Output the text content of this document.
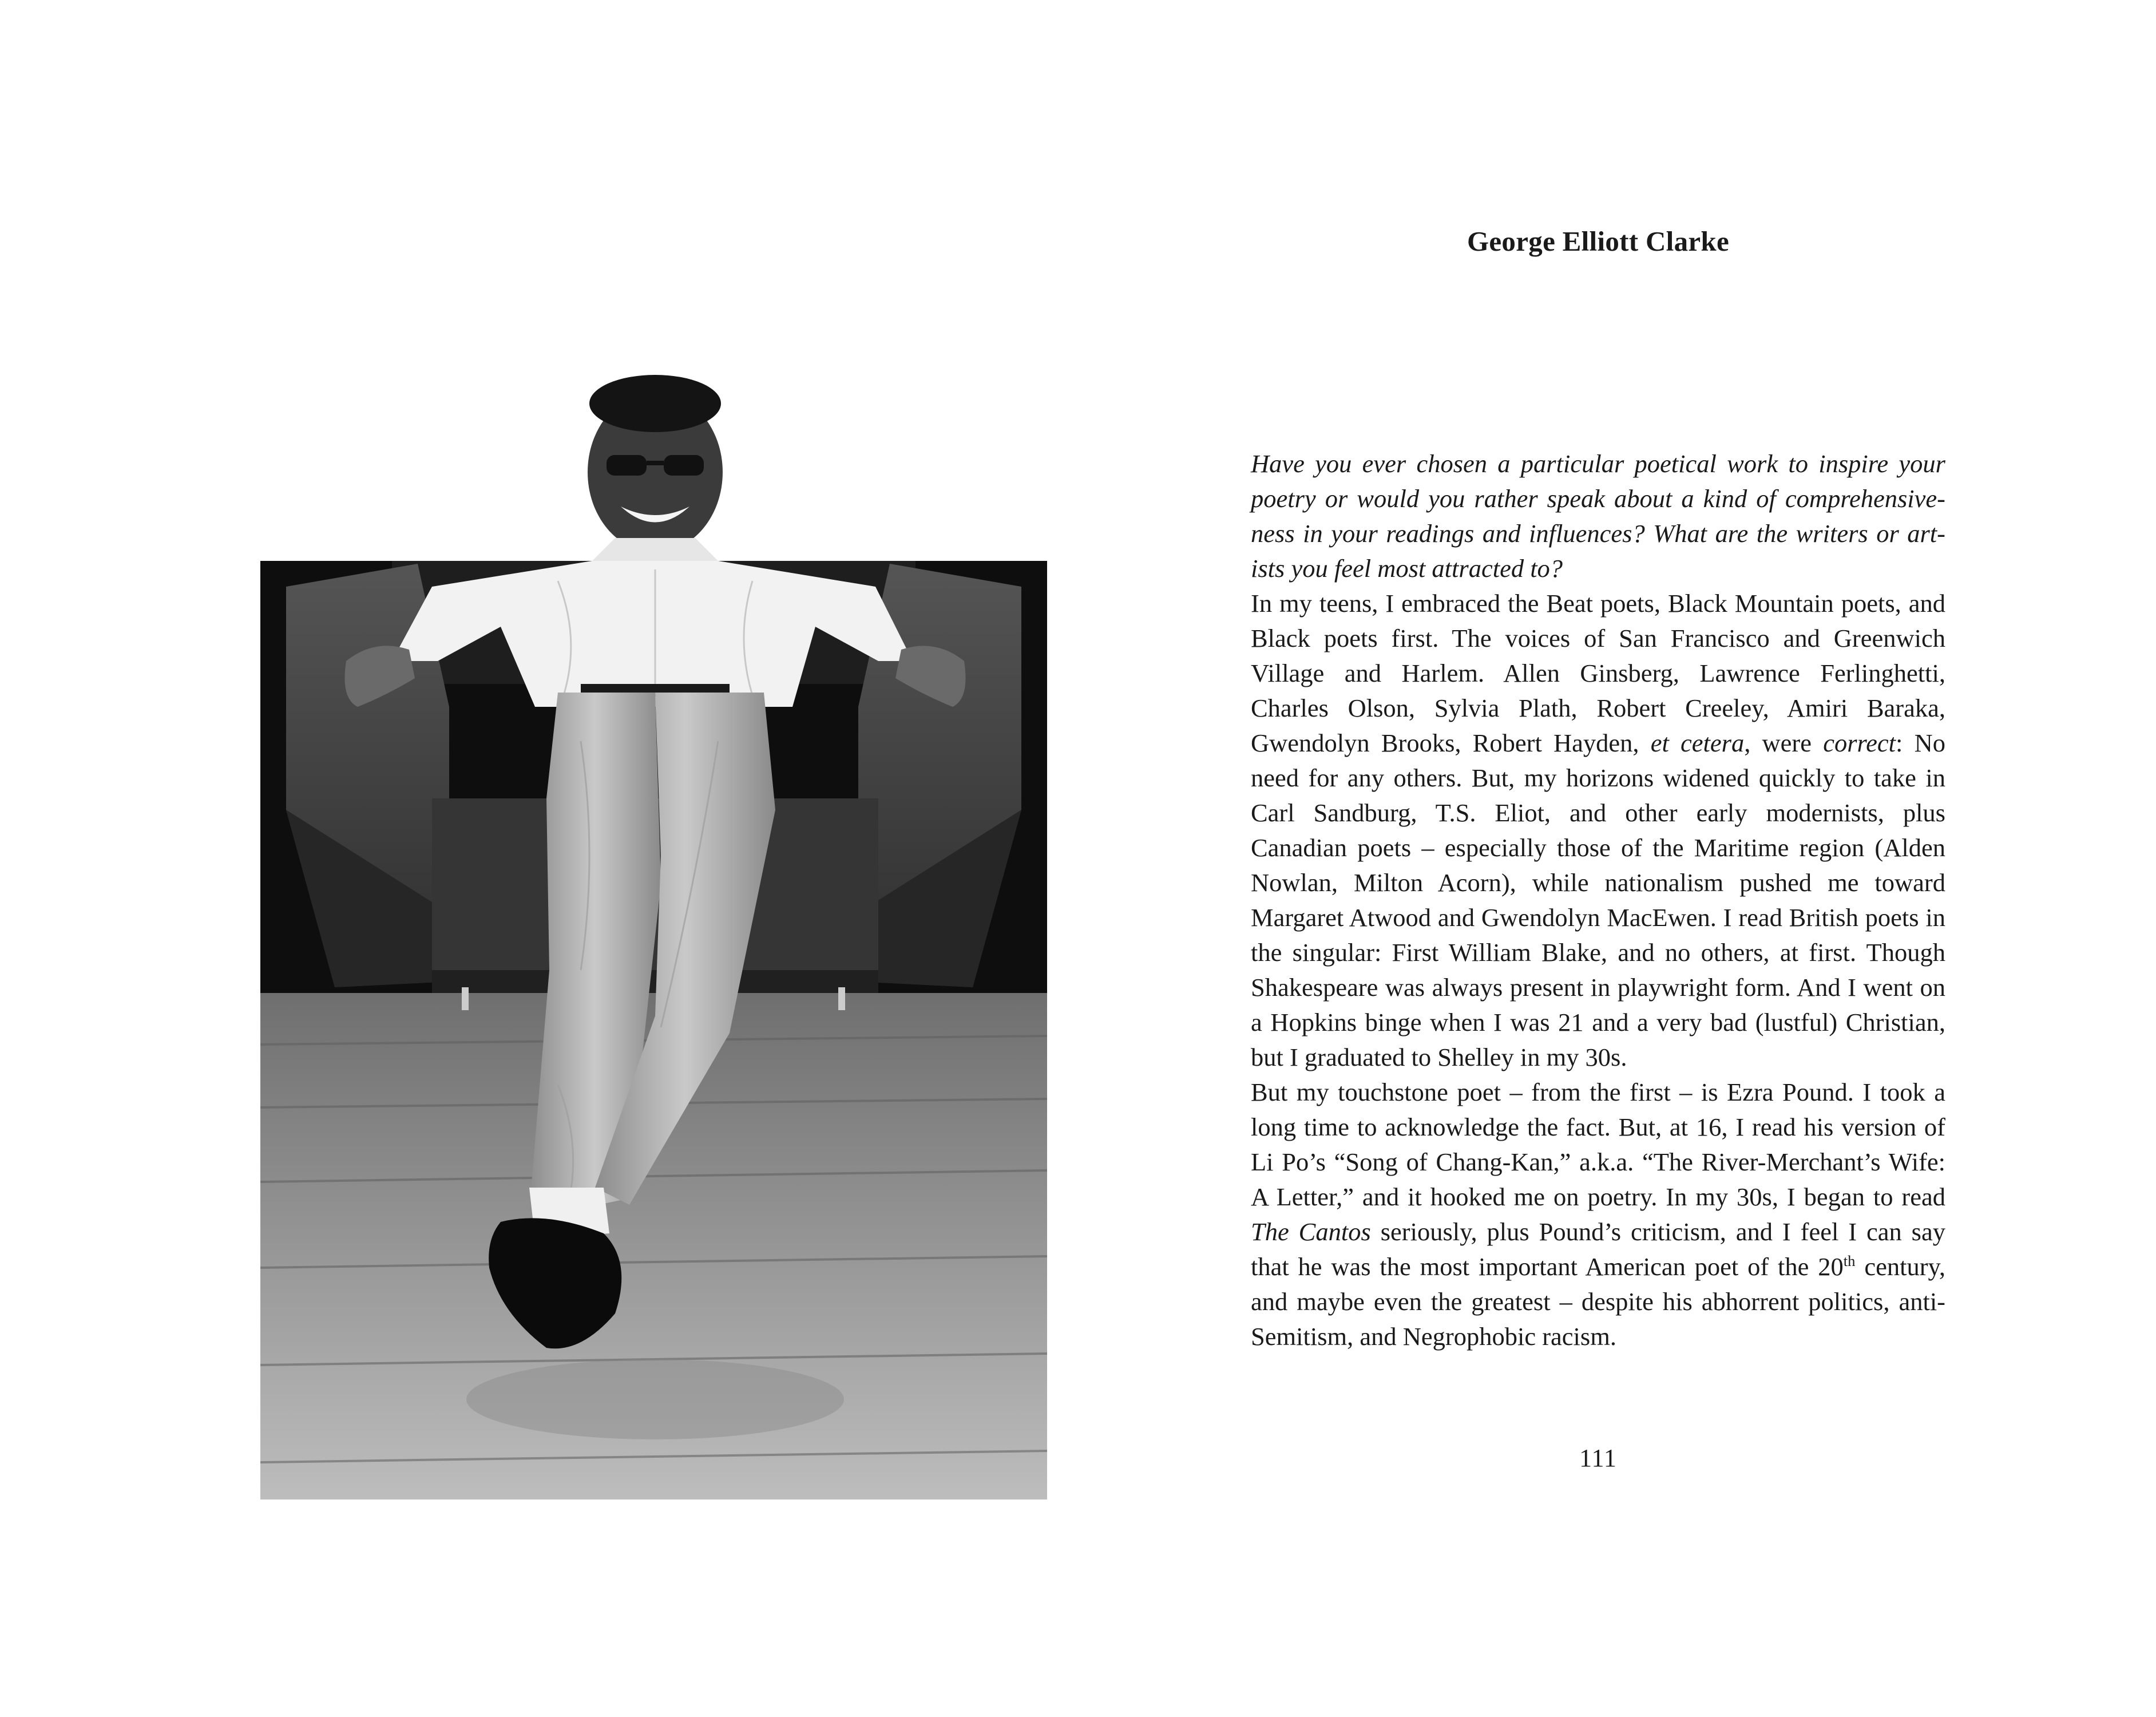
George Elliott Clarke

Have you ever chosen a particular poetical work to inspire your poetry or would you rather speak about a kind of comprehensiveness in your readings and influences? What are the writers or artists you feel most attracted to?

In my teens, I embraced the Beat poets, Black Mountain poets, and Black poets first. The voices of San Francisco and Greenwich Village and Harlem. Allen Ginsberg, Lawrence Ferlinghetti, Charles Olson, Sylvia Plath, Robert Creeley, Amiri Baraka, Gwendolyn Brooks, Robert Hayden, et cetera, were correct: No need for any others. But, my horizons widened quickly to take in Carl Sandburg, T.S. Eliot, and other early modernists, plus Canadian poets – especially those of the Maritime region (Alden Nowlan, Milton Acorn), while nationalism pushed me toward Margaret Atwood and Gwendolyn MacEwen. I read British poets in the singular: First William Blake, and no others, at first. Though Shakespeare was always present in playwright form. And I went on a Hopkins binge when I was 21 and a very bad (lustful) Christian, but I graduated to Shelley in my 30s.

But my touchstone poet – from the first – is Ezra Pound. I took a long time to acknowledge the fact. But, at 16, I read his version of Li Po’s “Song of Chang-Kan,” a.k.a. “The River-Merchant’s Wife: A Letter,” and it hooked me on poetry. In my 30s, I began to read The Cantos seriously, plus Pound’s criticism, and I feel I can say that he was the most important American poet of the 20th century, and maybe even the greatest – despite his abhorrent politics, anti-Semitism, and Negrophobic racism.

111
